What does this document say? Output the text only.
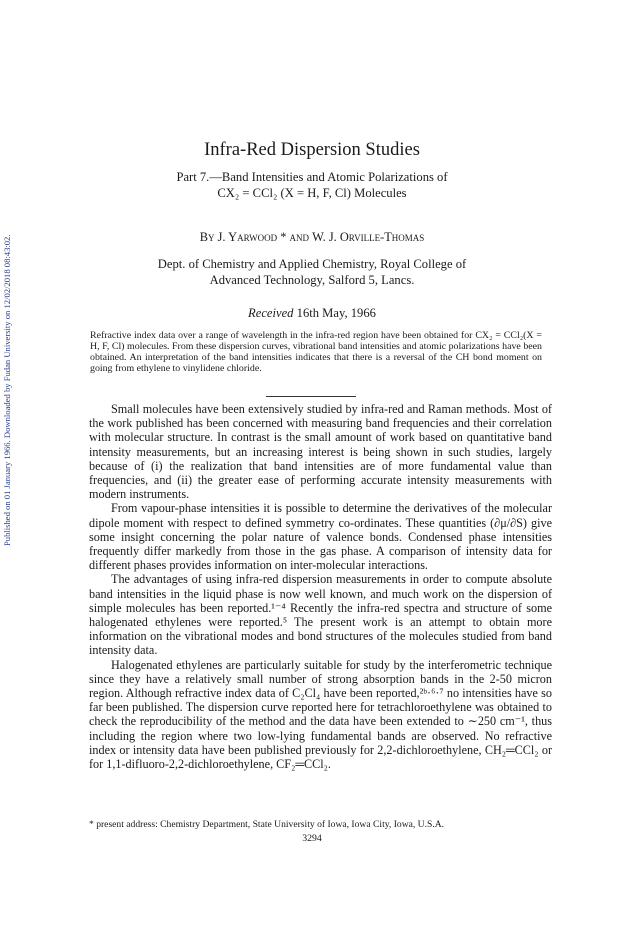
Published on 01 January 1966. Downloaded by Fudan University on 12/02/2018 08:43:02.
Infra-Red Dispersion Studies
Part 7.—Band Intensities and Atomic Polarizations of
CX₂ = CCl₂ (X = H, F, Cl) Molecules
By J. Yarwood * and W. J. Orville-Thomas
Dept. of Chemistry and Applied Chemistry, Royal College of
Advanced Technology, Salford 5, Lancs.
Received 16th May, 1966

Refractive index data over a range of wavelength in the infra-red region have been obtained for CX₂ = CCl₂(X = H, F, Cl) molecules. From these dispersion curves, vibrational band intensities and atomic polarizations have been obtained. An interpretation of the band intensities indicates that there is a reversal of the CH bond moment on going from ethylene to vinylidene chloride.

Small molecules have been extensively studied by infra-red and Raman methods. Most of the work published has been concerned with measuring band frequencies and their correlation with molecular structure. In contrast is the small amount of work based on quantitative band intensity measurements, but an increasing interest is being shown in such studies, largely because of (i) the realization that band intensities are of more fundamental value than frequencies, and (ii) the greater ease of performing accurate intensity measurements with modern instruments.

From vapour-phase intensities it is possible to determine the derivatives of the molecular dipole moment with respect to defined symmetry co-ordinates. These quantities (∂μ/∂S) give some insight concerning the polar nature of valence bonds. Condensed phase intensities frequently differ markedly from those in the gas phase. A comparison of intensity data for different phases provides information on inter-molecular interactions.

The advantages of using infra-red dispersion measurements in order to compute absolute band intensities in the liquid phase is now well known, and much work on the dispersion of simple molecules has been reported.¹⁻⁴ Recently the infra-red spectra and structure of some halogenated ethylenes were reported.⁵ The present work is an attempt to obtain more information on the vibrational modes and bond structures of the molecules studied from band intensity data.

Halogenated ethylenes are particularly suitable for study by the interferometric technique since they have a relatively small number of strong absorption bands in the 2-50 micron region. Although refractive index data of C₂Cl₄ have been reported,²ᵇ·⁶·⁷ no intensities have so far been published. The dispersion curve reported here for tetrachloroethylene was obtained to check the reproducibility of the method and the data have been extended to ∼250 cm⁻¹, thus including the region where two low-lying fundamental bands are observed. No refractive index or intensity data have been published previously for 2,2-dichloroethylene, CH₂═CCl₂ or for 1,1-difluoro-2,2-dichloroethylene, CF₂═CCl₂.

* present address: Chemistry Department, State University of Iowa, Iowa City, Iowa, U.S.A.
3294
